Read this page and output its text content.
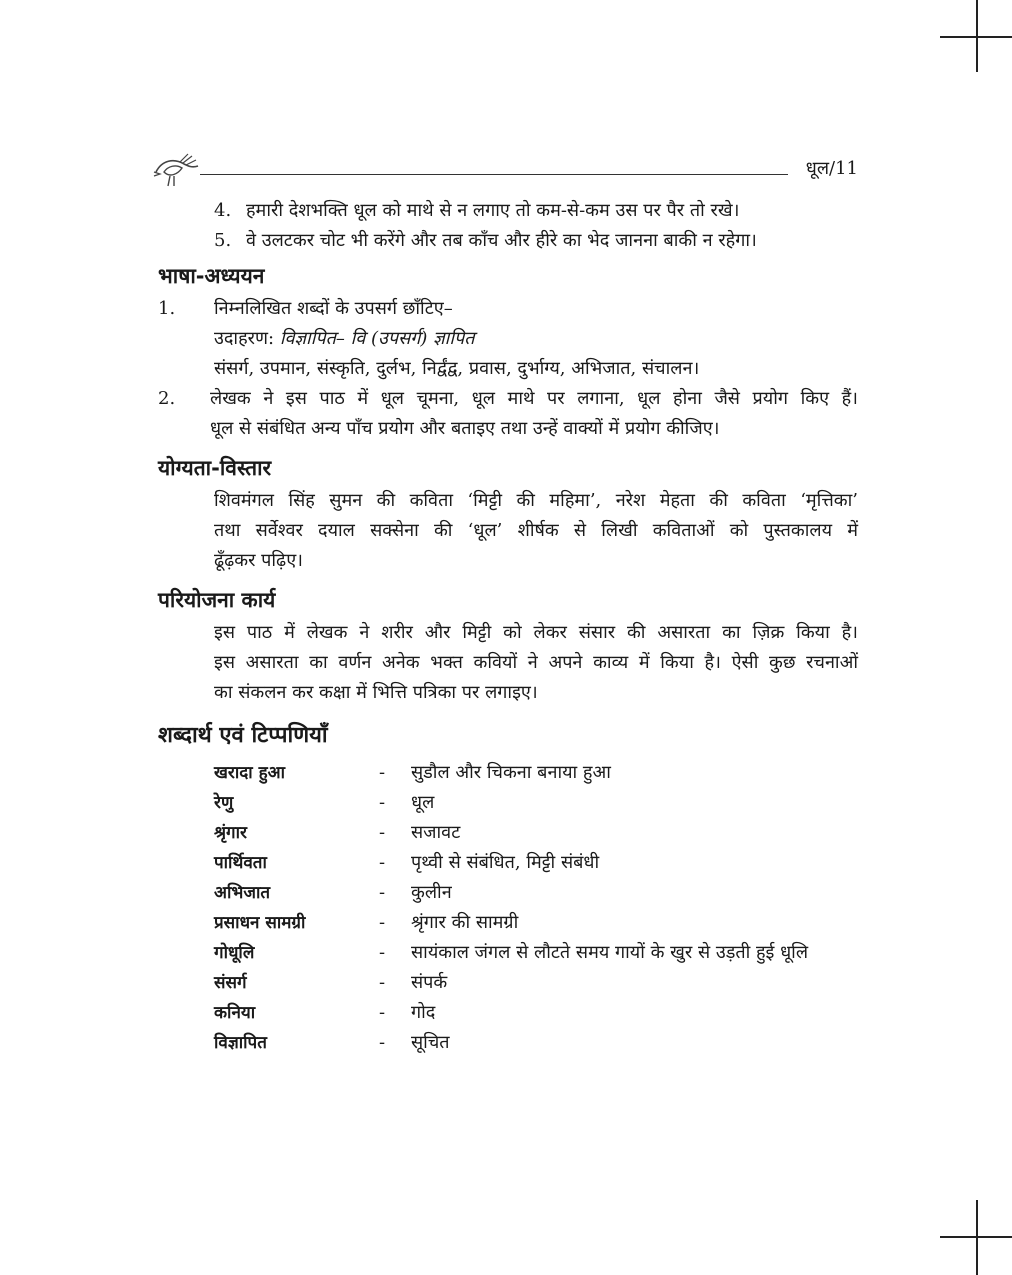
धूल/11
4. हमारी देशभक्ति धूल को माथे से न लगाए तो कम-से-कम उस पर पैर तो रखे।
5. वे उलटकर चोट भी करेंगे और तब काँच और हीरे का भेद जानना बाकी न रहेगा।
भाषा-अध्ययन
1. निम्नलिखित शब्दों के उपसर्ग छाँटिए–
उदाहरण: विज्ञापित– वि (उपसर्ग) ज्ञापित
संसर्ग, उपमान, संस्कृति, दुर्लभ, निर्द्वंद्व, प्रवास, दुर्भाग्य, अभिजात, संचालन।
2. लेखक ने इस पाठ में धूल चूमना, धूल माथे पर लगाना, धूल होना जैसे प्रयोग किए हैं।
धूल से संबंधित अन्य पाँच प्रयोग और बताइए तथा उन्हें वाक्यों में प्रयोग कीजिए।
योग्यता-विस्तार
शिवमंगल सिंह सुमन की कविता ‘मिट्टी की महिमा’, नरेश मेहता की कविता ‘मृत्तिका’
तथा सर्वेश्वर दयाल सक्सेना की ‘धूल’ शीर्षक से लिखी कविताओं को पुस्तकालय में
ढूँढ़कर पढ़िए।
परियोजना कार्य
इस पाठ में लेखक ने शरीर और मिट्टी को लेकर संसार की असारता का ज़िक्र किया है।
इस असारता का वर्णन अनेक भक्त कवियों ने अपने काव्य में किया है। ऐसी कुछ रचनाओं
का संकलन कर कक्षा में भित्ति पत्रिका पर लगाइए।
शब्दार्थ एवं टिप्पणियाँ
खरादा हुआ	-	सुडौल और चिकना बनाया हुआ
रेणु	-	धूल
श्रृंगार	-	सजावट
पार्थिवता	-	पृथ्वी से संबंधित, मिट्टी संबंधी
अभिजात	-	कुलीन
प्रसाधन सामग्री	-	श्रृंगार की सामग्री
गोधूलि	-	सायंकाल जंगल से लौटते समय गायों के खुर से उड़ती हुई धूलि
संसर्ग	-	संपर्क
कनिया	-	गोद
विज्ञापित	-	सूचित
